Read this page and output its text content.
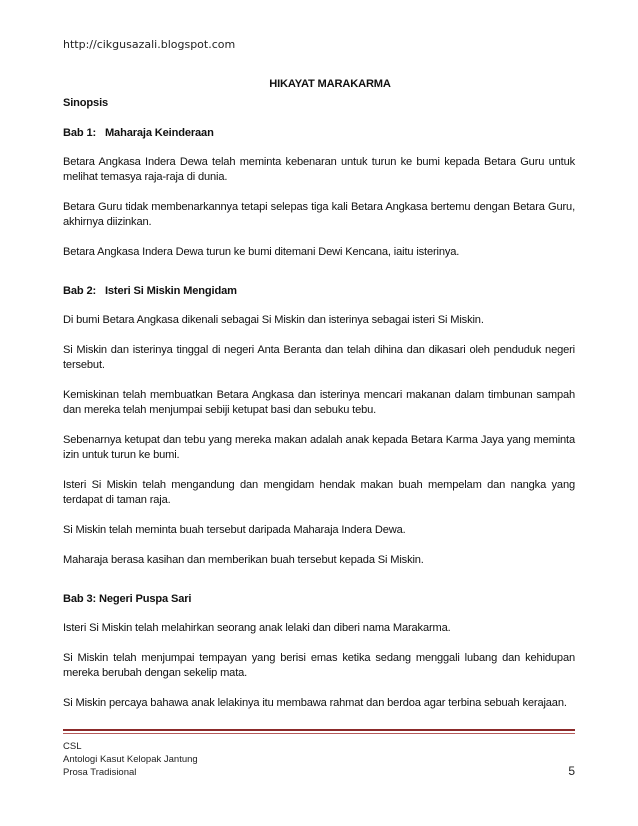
http://cikgusazali.blogspot.com
HIKAYAT MARAKARMA
Sinopsis
Bab 1: Maharaja Keinderaan

Betara Angkasa Indera Dewa telah meminta kebenaran untuk turun ke bumi kepada Betara Guru untuk melihat temasya raja-raja di dunia.

Betara Guru tidak membenarkannya tetapi selepas tiga kali Betara Angkasa bertemu dengan Betara Guru, akhirnya diizinkan.

Betara Angkasa Indera Dewa turun ke bumi ditemani Dewi Kencana, iaitu isterinya.

Bab 2: Isteri Si Miskin Mengidam

Di bumi Betara Angkasa dikenali sebagai Si Miskin dan isterinya sebagai isteri Si Miskin.

Si Miskin dan isterinya tinggal di negeri Anta Beranta dan telah dihina dan dikasari oleh penduduk negeri tersebut.

Kemiskinan telah membuatkan Betara Angkasa dan isterinya mencari makanan dalam timbunan sampah dan mereka telah menjumpai sebiji ketupat basi dan sebuku tebu.

Sebenarnya ketupat dan tebu yang mereka makan adalah anak kepada Betara Karma Jaya yang meminta izin untuk turun ke bumi.

Isteri Si Miskin telah mengandung dan mengidam hendak makan buah mempelam dan nangka yang terdapat di taman raja.

Si Miskin telah meminta buah tersebut daripada Maharaja Indera Dewa.

Maharaja berasa kasihan dan memberikan buah tersebut kepada Si Miskin.

Bab 3: Negeri Puspa Sari

Isteri Si Miskin telah melahirkan seorang anak lelaki dan diberi nama Marakarma.

Si Miskin telah menjumpai tempayan yang berisi emas ketika sedang menggali lubang dan kehidupan mereka berubah dengan sekelip mata.

Si Miskin percaya bahawa anak lelakinya itu membawa rahmat dan berdoa agar terbina sebuah kerajaan.

CSL
Antologi Kasut Kelopak Jantung
Prosa Tradisional	5
